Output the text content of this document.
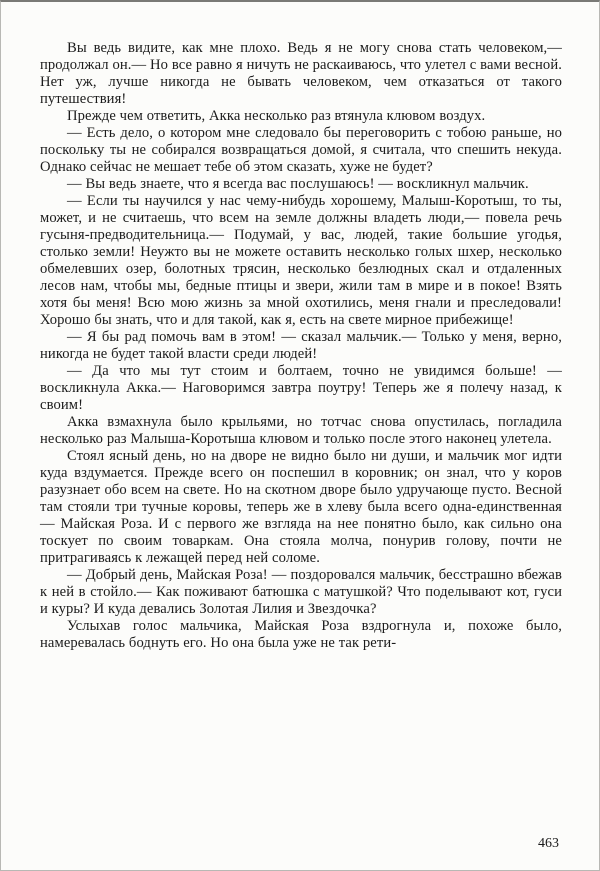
Вы ведь видите, как мне плохо. Ведь я не могу снова стать человеком,— продолжал он.— Но все равно я ничуть не раскаиваюсь, что улетел с вами весной. Нет уж, лучше никогда не бывать человеком, чем отказаться от такого путешествия!

Прежде чем ответить, Акка несколько раз втянула клювом воздух.

— Есть дело, о котором мне следовало бы переговорить с тобою раньше, но поскольку ты не собирался возвращаться домой, я считала, что спешить некуда. Однако сейчас не мешает тебе об этом сказать, хуже не будет?

— Вы ведь знаете, что я всегда вас послушаюсь! — воскликнул мальчик.

— Если ты научился у нас чему-нибудь хорошему, Малыш-Коротыш, то ты, может, и не считаешь, что всем на земле должны владеть люди,— повела речь гусыня-предводительница.— Подумай, у вас, людей, такие большие угодья, столько земли! Неужто вы не можете оставить несколько голых шхер, несколько обмелевших озер, болотных трясин, несколько безлюдных скал и отдаленных лесов нам, чтобы мы, бедные птицы и звери, жили там в мире и в покое! Взять хотя бы меня! Всю мою жизнь за мной охотились, меня гнали и преследовали! Хорошо бы знать, что и для такой, как я, есть на свете мирное прибежище!

— Я бы рад помочь вам в этом! — сказал мальчик.— Только у меня, верно, никогда не будет такой власти среди людей!

— Да что мы тут стоим и болтаем, точно не увидимся больше! — воскликнула Акка.— Наговоримся завтра поутру! Теперь же я полечу назад, к своим!

Акка взмахнула было крыльями, но тотчас снова опустилась, погладила несколько раз Малыша-Коротыша клювом и только после этого наконец улетела.

Стоял ясный день, но на дворе не видно было ни души, и мальчик мог идти куда вздумается. Прежде всего он поспешил в коровник; он знал, что у коров разузнает обо всем на свете. Но на скотном дворе было удручающе пусто. Весной там стояли три тучные коровы, теперь же в хлеву была всего одна-единственная — Майская Роза. И с первого же взгляда на нее понятно было, как сильно она тоскует по своим товаркам. Она стояла молча, понурив голову, почти не притрагиваясь к лежащей перед ней соломе.

— Добрый день, Майская Роза! — поздоровался мальчик, бесстрашно вбежав к ней в стойло.— Как поживают батюшка с матушкой? Что поделывают кот, гуси и куры? И куда девались Золотая Лилия и Звездочка?

Услыхав голос мальчика, Майская Роза вздрогнула и, похоже было, намеревалась боднуть его. Но она была уже не так рети-

463
